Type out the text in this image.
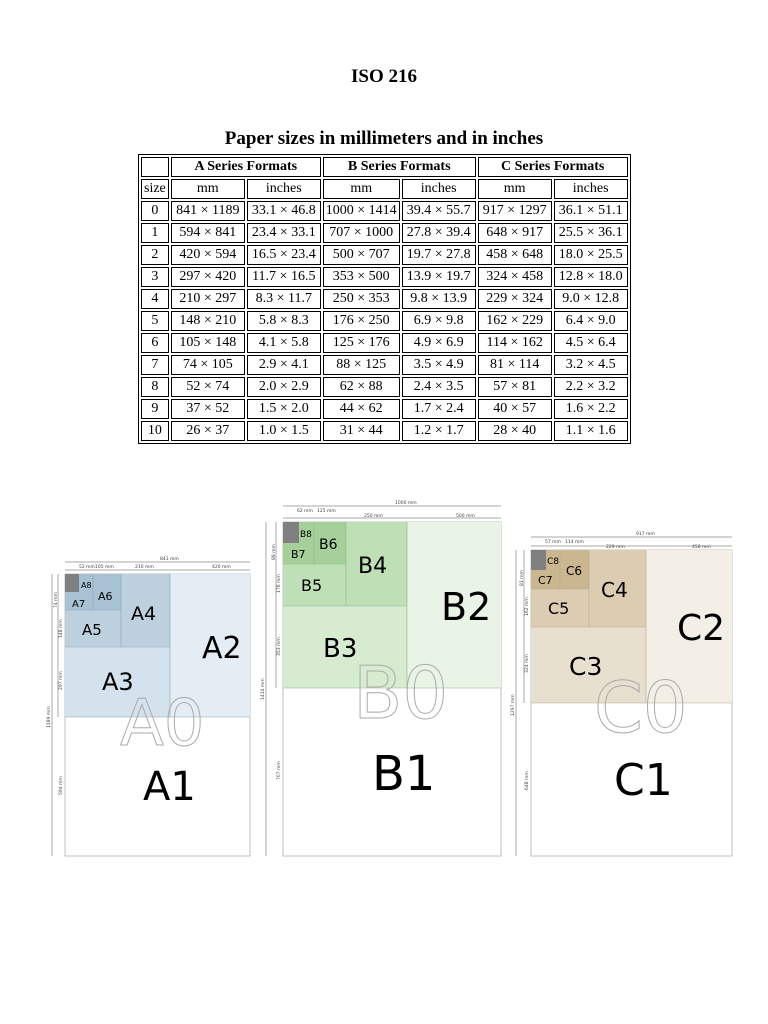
ISO 216
Paper sizes in millimeters and in inches
	A Series Formats		B Series Formats		C Series Formats	
size	mm	inches	mm	inches	mm	inches
0	841 × 1189	33.1 × 46.8	1000 × 1414	39.4 × 55.7	917 × 1297	36.1 × 51.1
1	594 × 841	23.4 × 33.1	707 × 1000	27.8 × 39.4	648 × 917	25.5 × 36.1
2	420 × 594	16.5 × 23.4	500 × 707	19.7 × 27.8	458 × 648	18.0 × 25.5
3	297 × 420	11.7 × 16.5	353 × 500	13.9 × 19.7	324 × 458	12.8 × 18.0
4	210 × 297	8.3 × 11.7	250 × 353	9.8 × 13.9	229 × 324	9.0 × 12.8
5	148 × 210	5.8 × 8.3	176 × 250	6.9 × 9.8	162 × 229	6.4 × 9.0
6	105 × 148	4.1 × 5.8	125 × 176	4.9 × 6.9	114 × 162	4.5 × 6.4
7	74 × 105	2.9 × 4.1	88 × 125	3.5 × 4.9	81 × 114	3.2 × 4.5
8	52 × 74	2.0 × 2.9	62 × 88	2.4 × 3.5	57 × 81	2.2 × 3.2
9	37 × 52	1.5 × 2.0	44 × 62	1.7 × 2.4	40 × 57	1.6 × 2.2
10	26 × 37	1.0 × 1.5	31 × 44	1.2 × 1.7	28 × 40	1.1 × 1.6
A0
A1
A2
A3
A4
A5
A6
A7
A8
841 mm
52 mm 105 mm	210 mm	420 mm
74 mm
148 mm
297 mm
594 mm
1189 mm	B0
B1
B2
B3
B4
B5
B6
B7
B8
1000 mm
62 mm 125 mm
250 mm	500 mm
88 mm
176 mm
353 mm
707 mm
1414 mm	C0
C1
C2
C3
C4
C5
C6
C7
C8
917 mm
57 mm 114 mm
229 mm	458 mm
81 mm
162 mm
324 mm
648 mm
1297 mm
